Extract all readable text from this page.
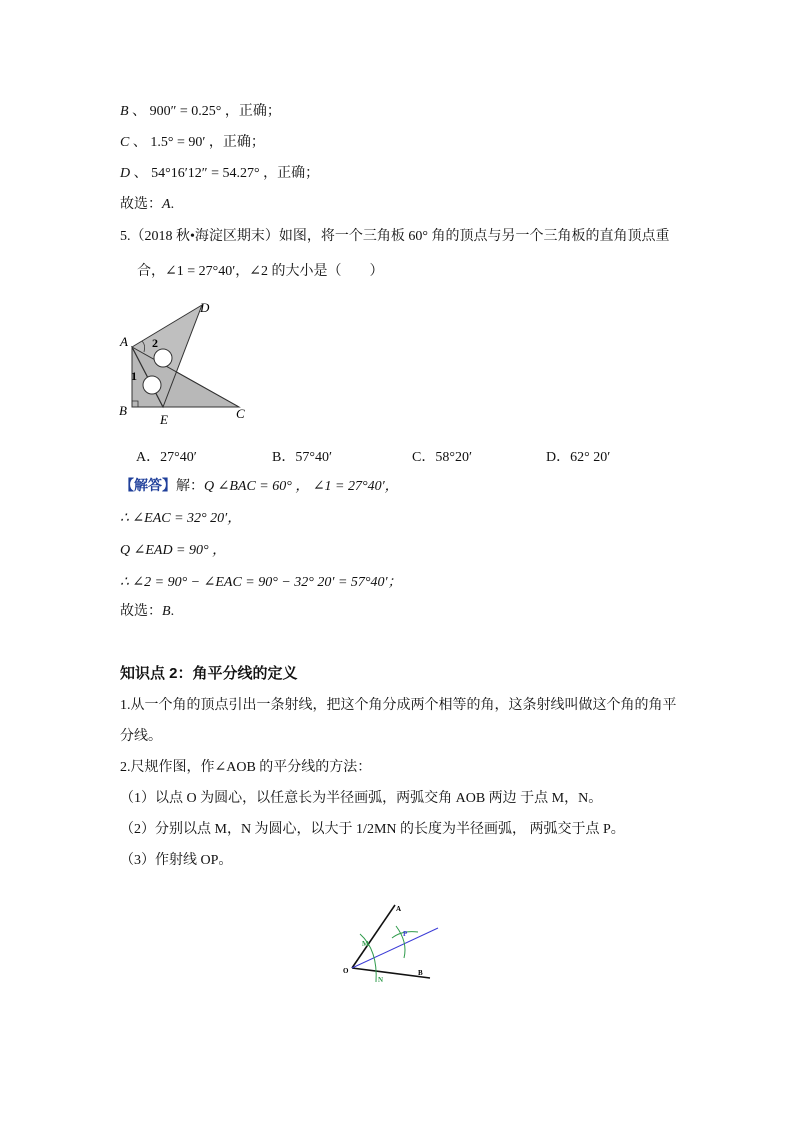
B 、 900″ = 0.25° ，正确；
C 、 1.5° = 90′ ，正确；
D 、 54°16′12″ = 54.27° ，正确；
故选：A.
5.（2018 秋•海淀区期末）如图，将一个三角板 60° 角的顶点与另一个三角板的直角顶点重
合，∠1 = 27°40′，∠2 的大小是（　　）
A
B	C
D
E
1
2
A．27°40′	B．57°40′	C．58°20′	D．62° 20′
【解答】解：Q ∠BAC = 60° ， ∠1 = 27°40′，
∴ ∠EAC = 32° 20′，
Q ∠EAD = 90° ，
∴ ∠2 = 90° − ∠EAC = 90° − 32° 20′ = 57°40′；
故选：B.
知识点 2：角平分线的定义
1.从一个角的顶点引出一条射线，把这个角分成两个相等的角，这条射线叫做这个角的角平
分线。
2.尺规作图，作∠AOB 的平分线的方法：
（1）以点 O 为圆心，以任意长为半径画弧，两弧交角 AOB 两边 于点 M，N。
（2）分别以点 M，N 为圆心，以大于 1/2MN 的长度为半径画弧， 两弧交于点 P。
（3）作射线 OP。
O
A
B
M
N
P
